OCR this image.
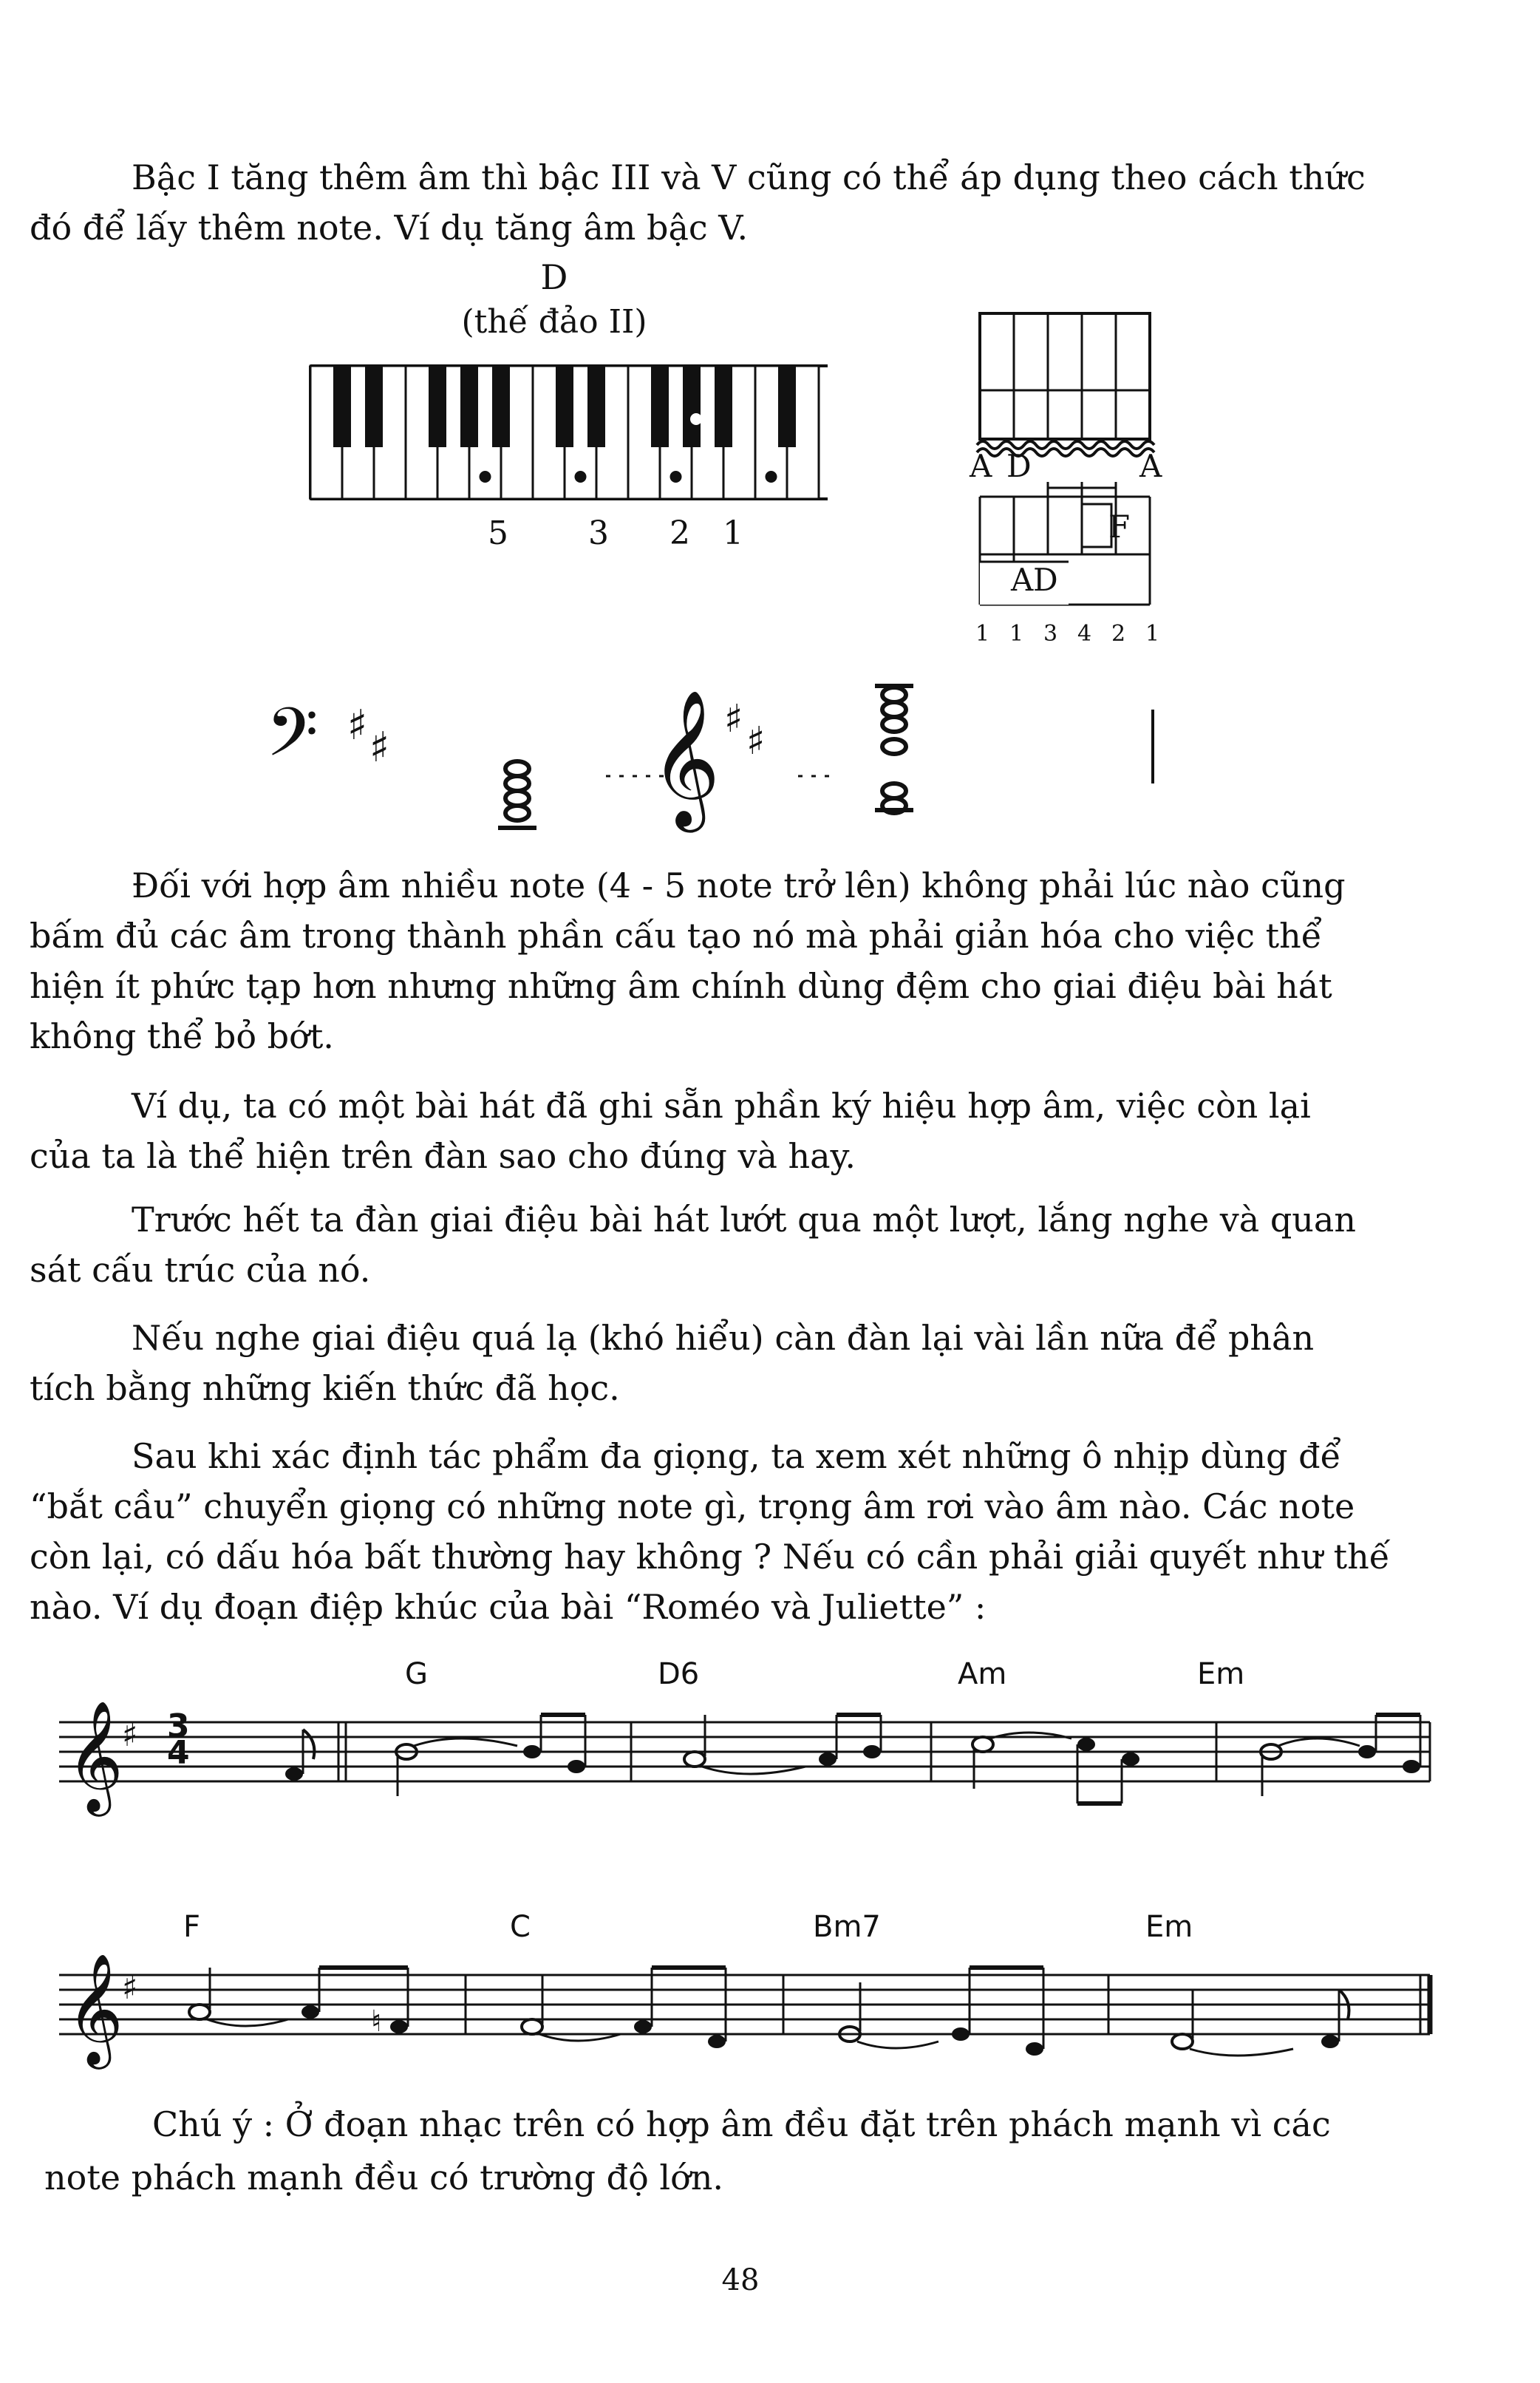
Bậc I tăng thêm âm thì bậc III và V cũng có thể áp dụng theo cách thức
đó để lấy thêm note. Ví dụ tăng âm bậc V.
D
(thế đảo II)
5 3 2 1
A D	A
F
A D
1 1 3 4 2 1
𝄢 ♯ ♯ 𝄞 ♯ ♯
Đối với hợp âm nhiều note (4 - 5 note trở lên) không phải lúc nào cũng
bấm đủ các âm trong thành phần cấu tạo nó mà phải giản hóa cho việc thể
hiện ít phức tạp hơn nhưng những âm chính dùng đệm cho giai điệu bài hát
không thể bỏ bớt.
Ví dụ, ta có một bài hát đã ghi sẵn phần ký hiệu hợp âm, việc còn lại
của ta là thể hiện trên đàn sao cho đúng và hay.
Trước hết ta đàn giai điệu bài hát lướt qua một lượt, lắng nghe và quan
sát cấu trúc của nó.
Nếu nghe giai điệu quá lạ (khó hiểu) càn đàn lại vài lần nữa để phân
tích bằng những kiến thức đã học.
Sau khi xác định tác phẩm đa giọng, ta xem xét những ô nhịp dùng để
“bắt cầu” chuyển giọng có những note gì, trọng âm rơi vào âm nào. Các note
còn lại, có dấu hóa bất thường hay không ? Nếu có cần phải giải quyết như thế
nào. Ví dụ đoạn điệp khúc của bài “Roméo và Juliette” :
G	D6	Am	Em
3
4
𝄞
♯
F	C	Bm7	Em
𝄞
♯
♮
Chú ý : Ở đoạn nhạc trên có hợp âm đều đặt trên phách mạnh vì các
note phách mạnh đều có trường độ lớn.
48
